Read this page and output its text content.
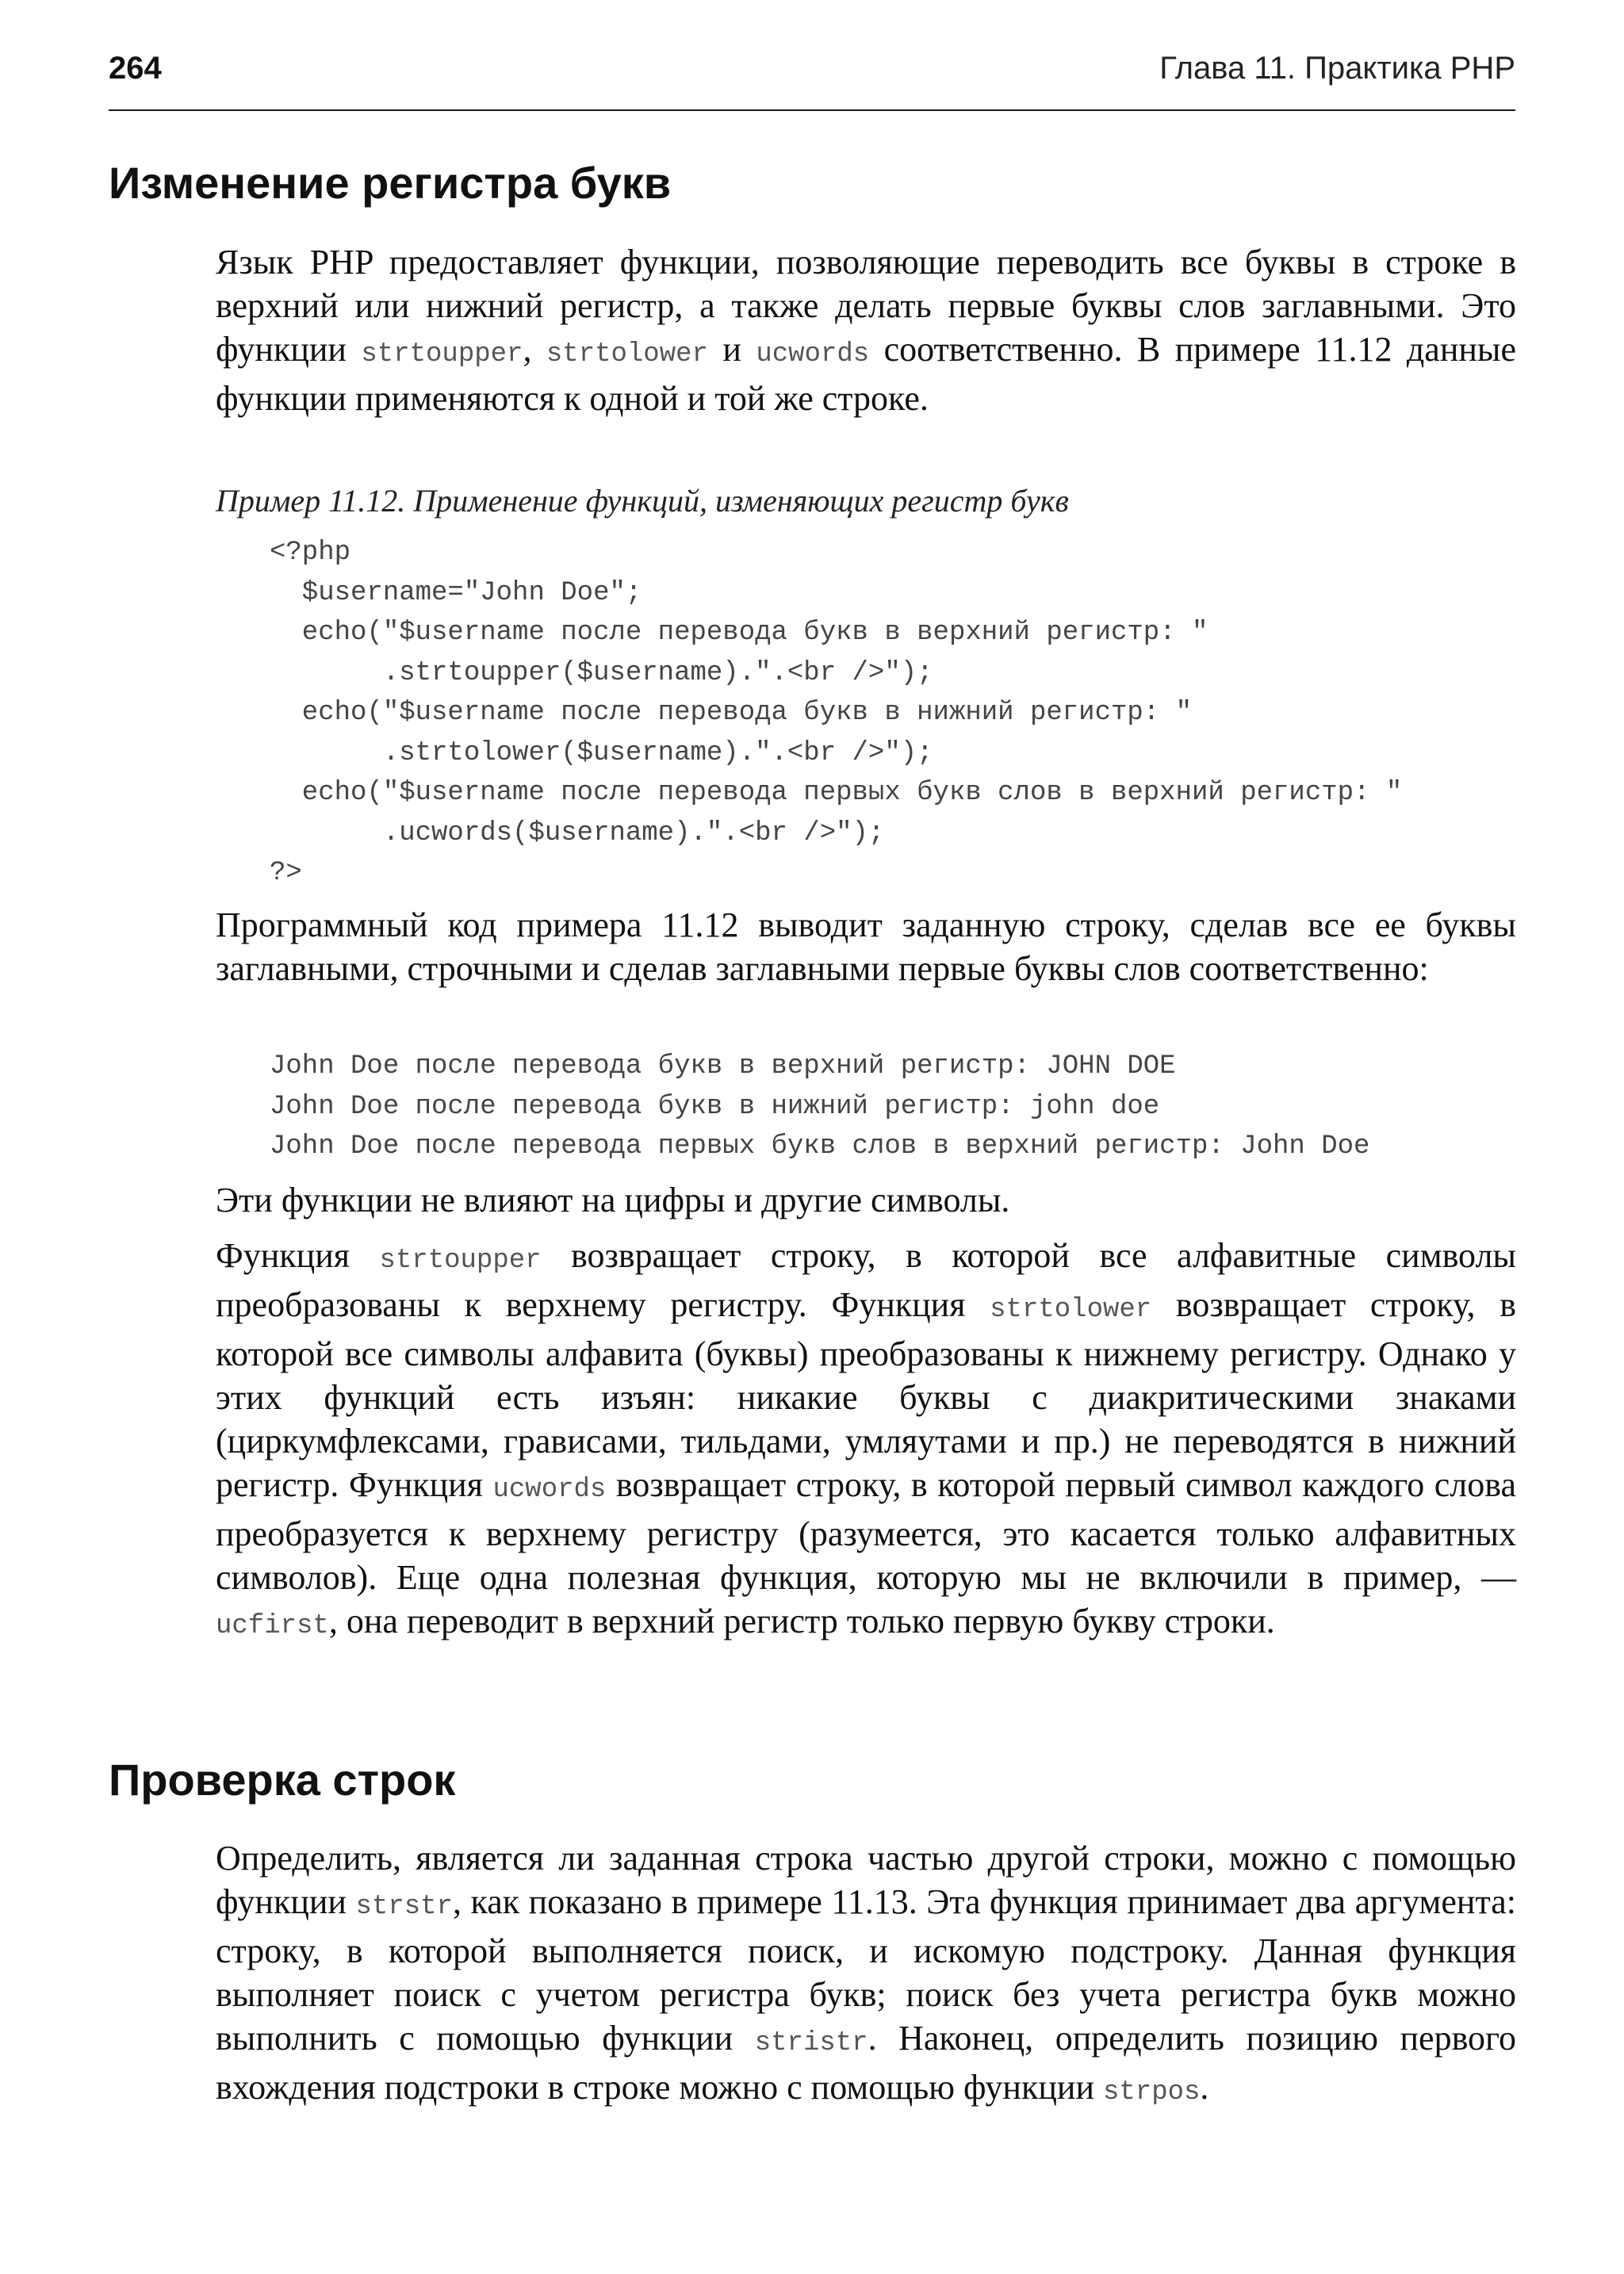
264	Глава 11. Практика PHP
Изменение регистра букв

Язык PHP предоставляет функции, позволяющие переводить все буквы в строке в верхний или нижний регистр, а также делать первые буквы слов заглавными. Это функции strtoupper, strtolower и ucwords соответственно. В примере 11.12 данные функции применяются к одной и той же строке.

Пример 11.12. Применение функций, изменяющих регистр букв
<?php
$username="John Doe";
echo("$username после перевода букв в верхний регистр: "
.strtoupper($username).".<br />");
echo("$username после перевода букв в нижний регистр: "
.strtolower($username).".<br />");
echo("$username после перевода первых букв слов в верхний регистр: "
.ucwords($username).".<br />");
?>

Программный код примера 11.12 выводит заданную строку, сделав все ее буквы заглавными, строчными и сделав заглавными первые буквы слов соответственно:

John Doe после перевода букв в верхний регистр: JOHN DOE
John Doe после перевода букв в нижний регистр: john doe
John Doe после перевода первых букв слов в верхний регистр: John Doe

Эти функции не влияют на цифры и другие символы.

Функция strtoupper возвращает строку, в которой все алфавитные символы преобразованы к верхнему регистру. Функция strtolower возвращает строку, в которой все символы алфавита (буквы) преобразованы к нижнему регистру. Однако у этих функций есть изъян: никакие буквы с диакритическими знаками (циркумфлексами, грависами, тильдами, умляутами и пр.) не переводятся в нижний регистр. Функция ucwords возвращает строку, в которой первый символ каждого слова преобразуется к верхнему регистру (разумеется, это касается только алфавитных символов). Еще одна полезная функция, которую мы не включили в пример, — ucfirst, она переводит в верхний регистр только первую букву строки.

Проверка строк

Определить, является ли заданная строка частью другой строки, можно с помощью функции strstr, как показано в примере 11.13. Эта функция принимает два аргумента: строку, в которой выполняется поиск, и искомую подстроку. Данная функция выполняет поиск с учетом регистра букв; поиск без учета регистра букв можно выполнить с помощью функции stristr. Наконец, определить позицию первого вхождения подстроки в строке можно с помощью функции strpos.
